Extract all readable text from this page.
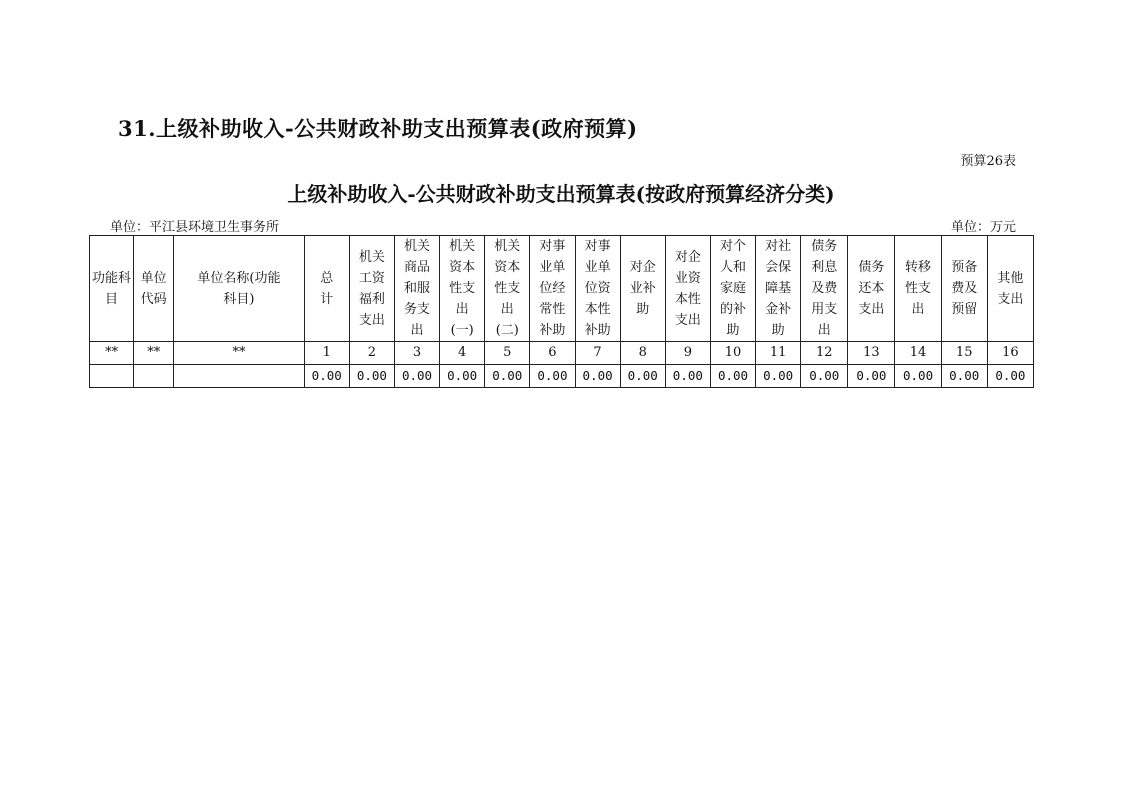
31.上级补助收入-公共财政补助支出预算表(政府预算)
预算26表
上级补助收入-公共财政补助支出预算表(按政府预算经济分类)
单位：平江县环境卫生事务所	单位：万元
功能科目	单位代码	单位名称(功能科目)	总计	机关工资福利支出	机关商品和服务支出	机关资本性支出(一)	机关资本性支出(二)	对事业单位经常性补助	对事业单位资本性补助	对企业补助	对企业资本性支出	对个人和家庭的补助	对社会保障基金补助	债务利息及费用支出	债务还本支出	转移性支出	预备费及预留	其他支出
**	**	**	1	2	3	4	5	6	7	8	9	10	11	12	13	14	15	16
			0.00	0.00	0.00	0.00	0.00	0.00	0.00	0.00	0.00	0.00	0.00	0.00	0.00	0.00	0.00	0.00
